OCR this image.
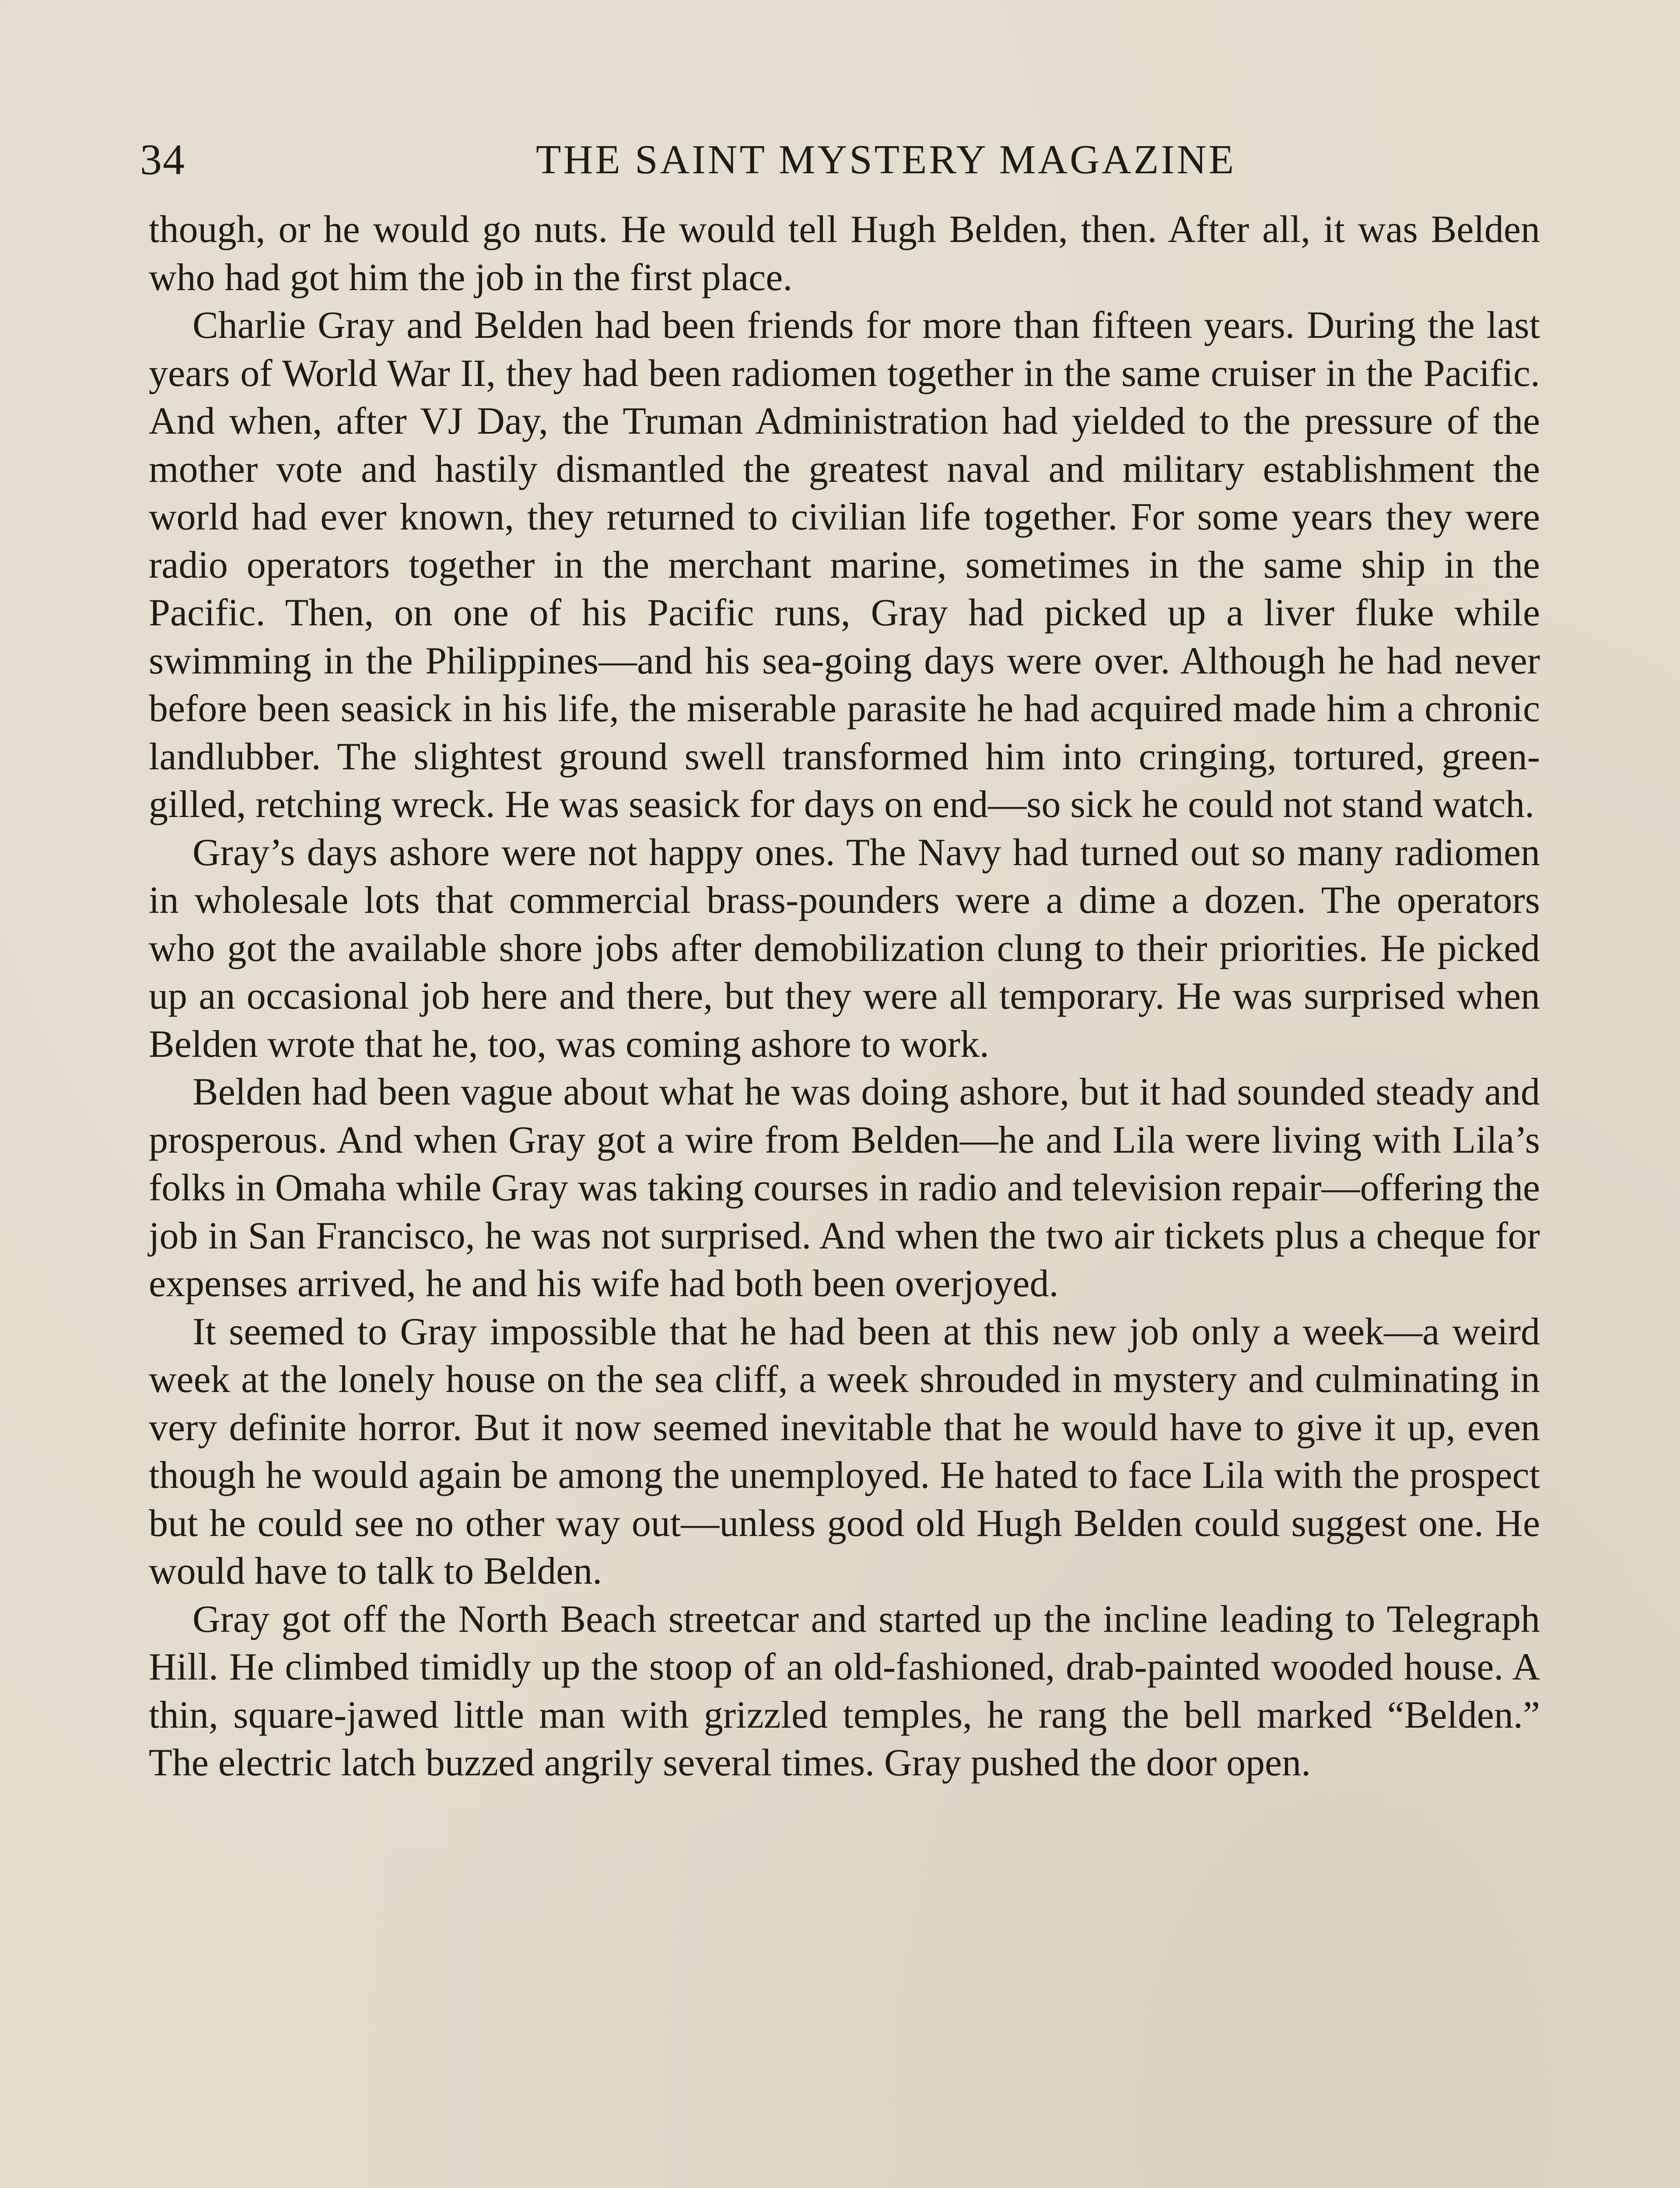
34	THE SAINT MYSTERY MAGAZINE

though, or he would go nuts. He would tell Hugh Belden, then. After all, it was Belden who had got him the job in the first place.

Charlie Gray and Belden had been friends for more than fifteen years. During the last years of World War II, they had been radiomen together in the same cruiser in the Pacific. And when, after VJ Day, the Truman Administration had yielded to the pressure of the mother vote and hastily dismantled the greatest naval and military establishment the world had ever known, they returned to civilian life together. For some years they were radio operators together in the merchant marine, sometimes in the same ship in the Pacific. Then, on one of his Pacific runs, Gray had picked up a liver fluke while swimming in the Philippines—and his sea-going days were over. Although he had never before been seasick in his life, the miserable parasite he had acquired made him a chronic landlubber. The slightest ground swell transformed him into cringing, tortured, green-gilled, retching wreck. He was seasick for days on end—so sick he could not stand watch.

Gray’s days ashore were not happy ones. The Navy had turned out so many radiomen in wholesale lots that commercial brass-pounders were a dime a dozen. The operators who got the available shore jobs after demobilization clung to their priorities. He picked up an occasional job here and there, but they were all temporary. He was surprised when Belden wrote that he, too, was coming ashore to work.

Belden had been vague about what he was doing ashore, but it had sounded steady and prosperous. And when Gray got a wire from Belden—he and Lila were living with Lila’s folks in Omaha while Gray was taking courses in radio and television repair—offering the job in San Francisco, he was not surprised. And when the two air tickets plus a cheque for expenses arrived, he and his wife had both been overjoyed.

It seemed to Gray impossible that he had been at this new job only a week—a weird week at the lonely house on the sea cliff, a week shrouded in mystery and culminating in very definite horror. But it now seemed inevitable that he would have to give it up, even though he would again be among the unemployed. He hated to face Lila with the prospect but he could see no other way out—unless good old Hugh Belden could suggest one. He would have to talk to Belden.

Gray got off the North Beach streetcar and started up the incline leading to Telegraph Hill. He climbed timidly up the stoop of an old-fashioned, drab-painted wooded house. A thin, square-jawed little man with grizzled temples, he rang the bell marked “Belden.” The electric latch buzzed angrily several times. Gray pushed the door open.
